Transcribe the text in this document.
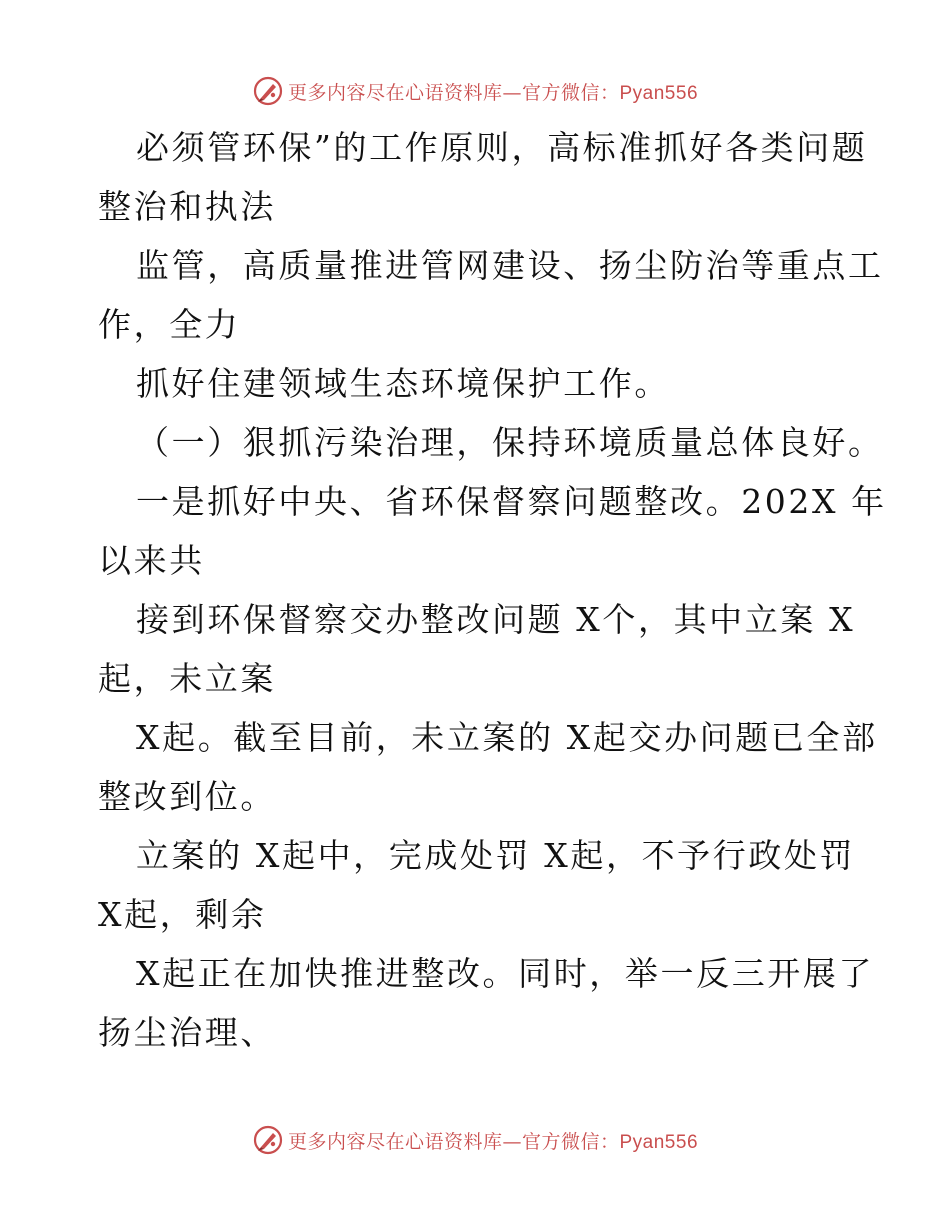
更多内容尽在心语资料库—官方微信：Pyan556
必须管环保”的工作原则，高标准抓好各类问题
整治和执法
监管，高质量推进管网建设、扬尘防治等重点工
作，全力
抓好住建领域生态环境保护工作。
（一）狠抓污染治理，保持环境质量总体良好。
一是抓好中央、省环保督察问题整改。202X 年
以来共
接到环保督察交办整改问题 X个，其中立案 X
起，未立案
X起。截至目前，未立案的 X起交办问题已全部
整改到位。
立案的 X起中，完成处罚 X起，不予行政处罚
X起，剩余
X起正在加快推进整改。同时，举一反三开展了
扬尘治理、
更多内容尽在心语资料库—官方微信：Pyan556
